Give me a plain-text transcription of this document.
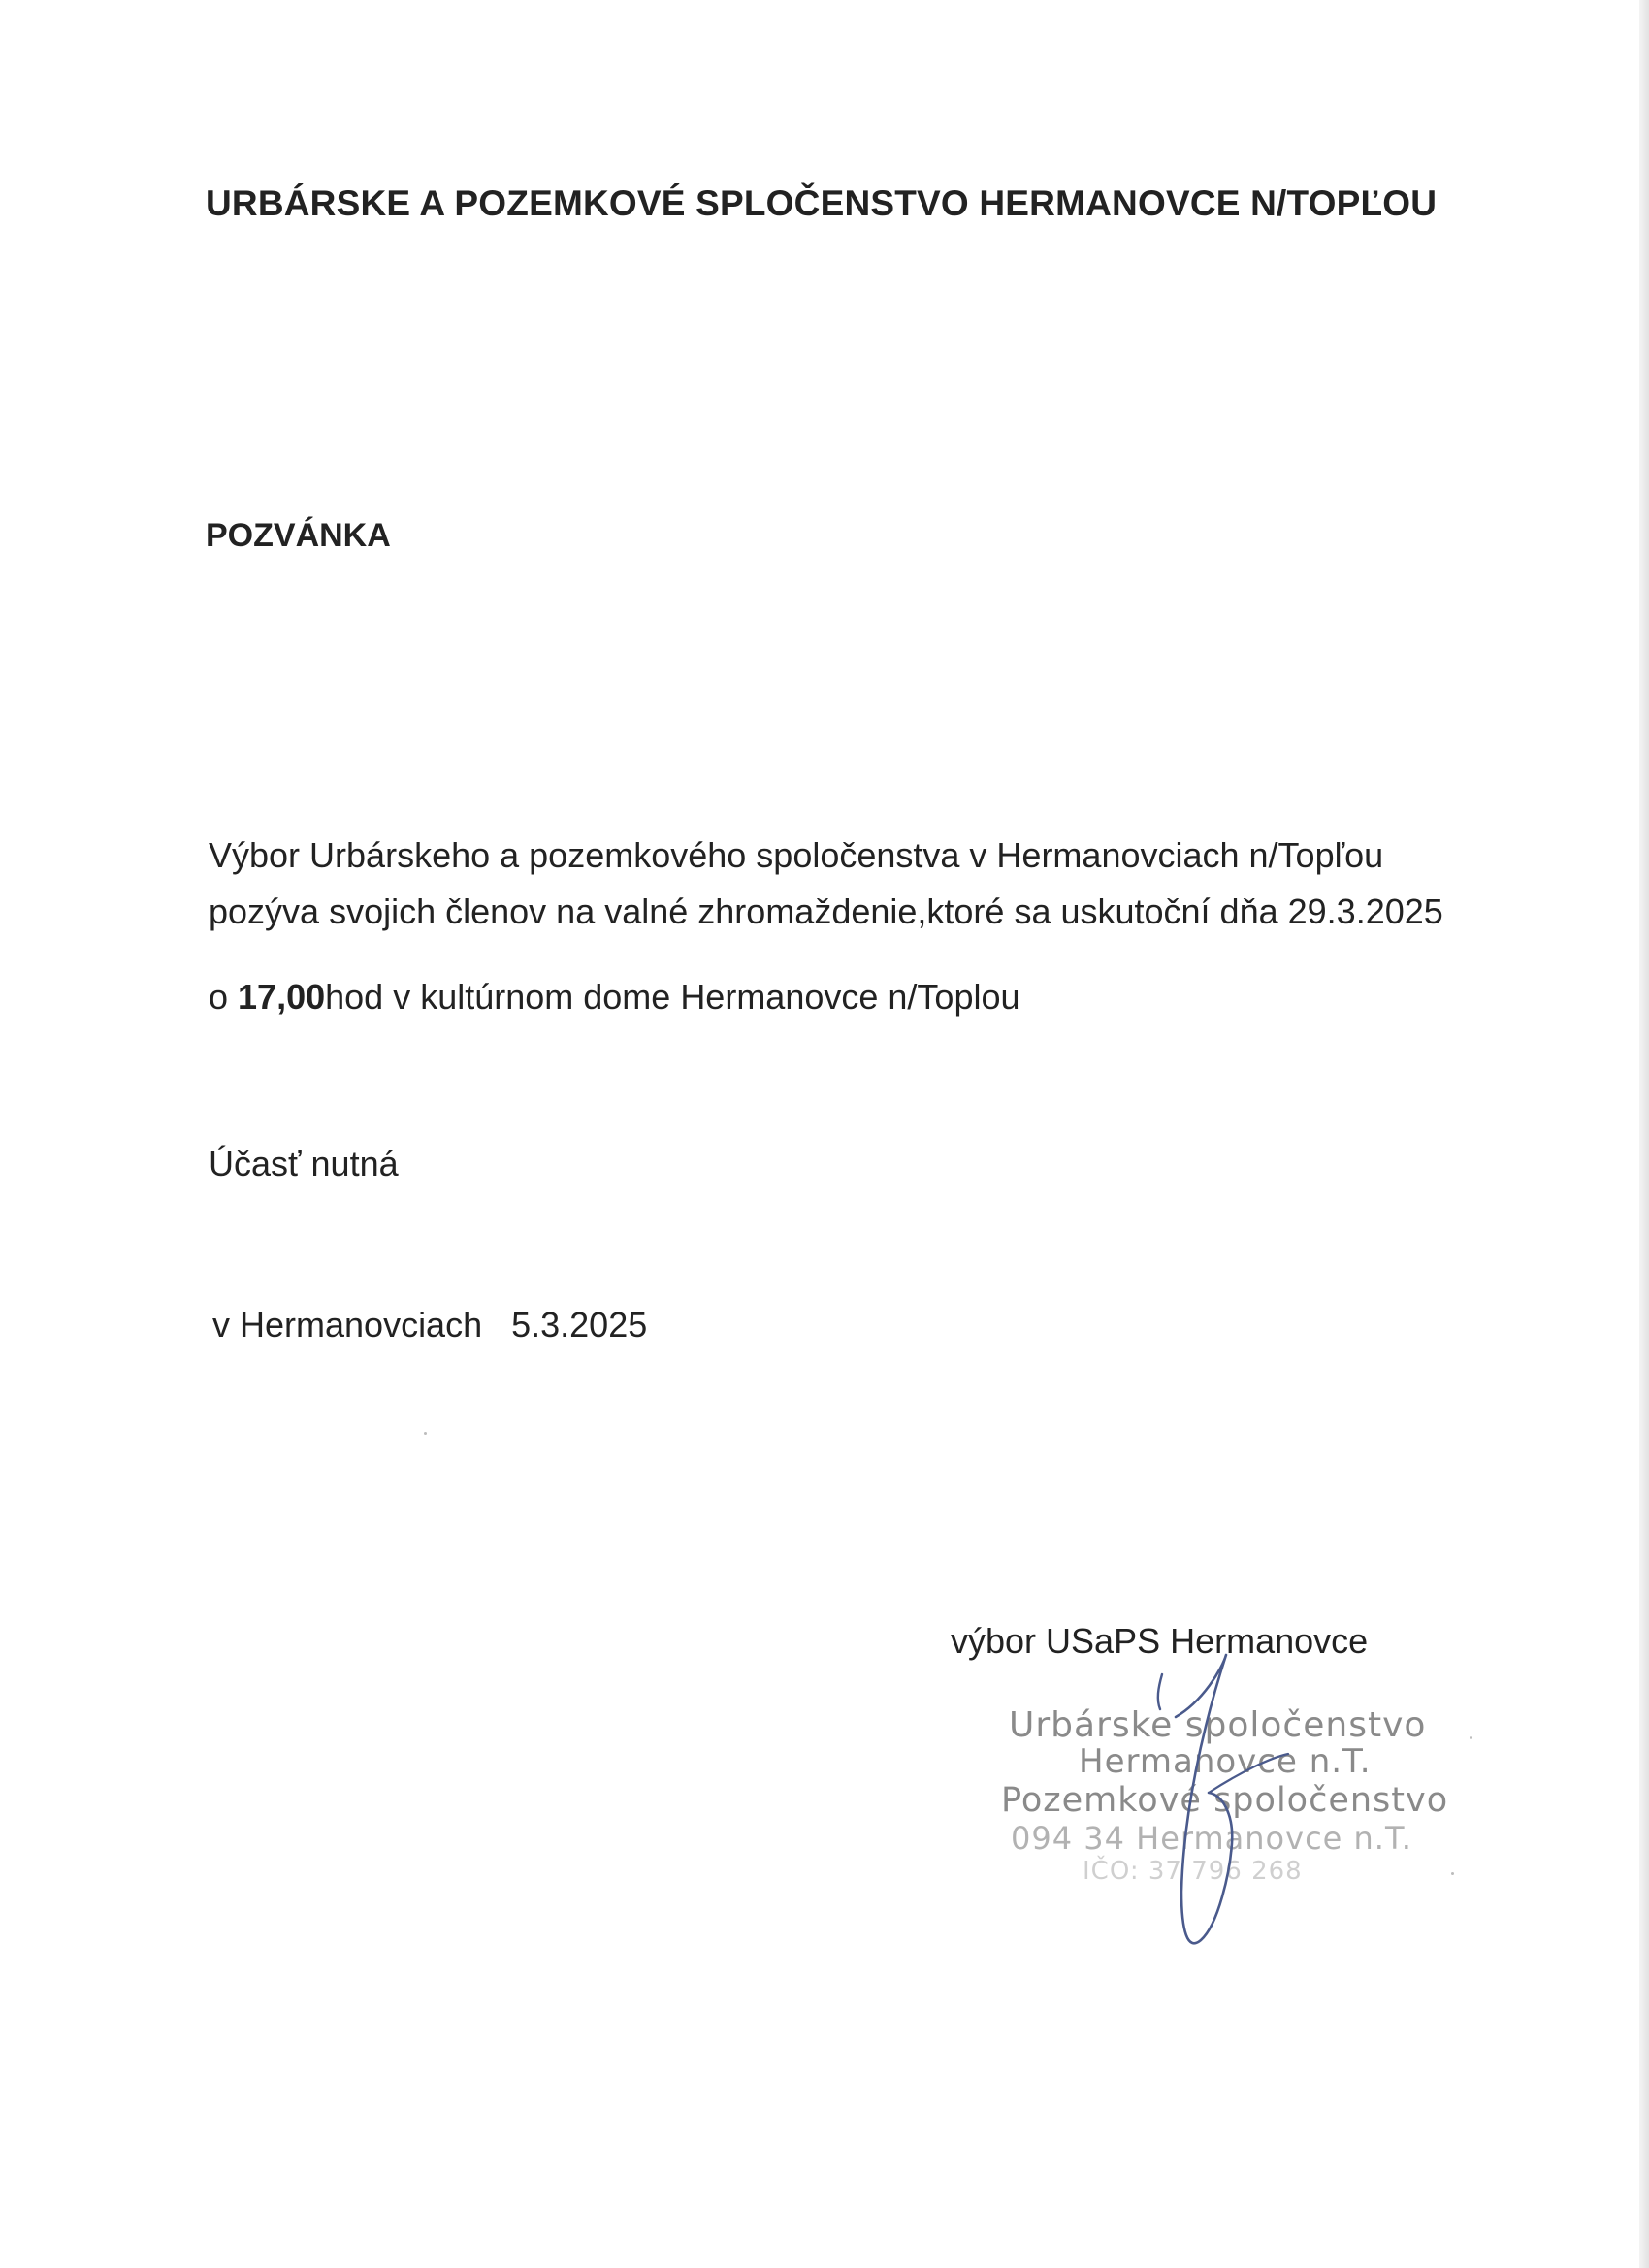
URBÁRSKE A POZEMKOVÉ SPLOČENSTVO HERMANOVCE N/TOPĽOU
POZVÁNKA
Výbor Urbárskeho a pozemkového spoločenstva v Hermanovciach n/Topľou
pozýva svojich členov na valné zhromaždenie,ktoré sa uskutoční dňa 29.3.2025
o 17,00hod v kultúrnom dome Hermanovce n/Toplou
Účasť nutná
v Hermanovciach   5.3.2025
výbor USaPS Hermanovce
Urbárske spoločenstvo
Hermanovce n.T.
Pozemkové spoločenstvo
094 34 Hermanovce n.T.
IČO: 37 796 268
